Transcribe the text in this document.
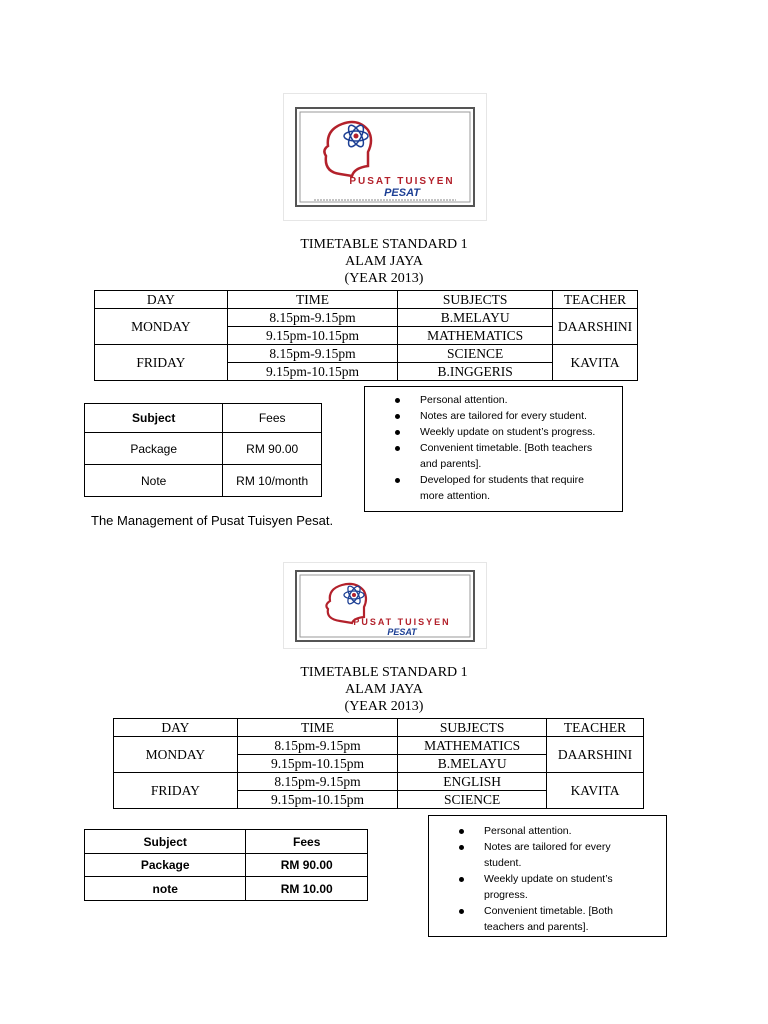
PUSAT TUISYEN
PESAT
TIMETABLE STANDARD 1
ALAM JAYA
(YEAR 2013)
DAY	TIME	SUBJECTS	TEACHER
MONDAY	8.15pm-9.15pm	B.MELAYU	DAARSHINI
	9.15pm-10.15pm	MATHEMATICS	
FRIDAY	8.15pm-9.15pm	SCIENCE	KAVITA
	9.15pm-10.15pm	B.INGGERIS	
Subject	Fees
Package	RM 90.00
Note	RM 10/month
Personal attention.
Notes are tailored for every student.
Weekly update on student’s progress.
Convenient timetable. [Both teachers
and parents].
Developed for students that require
more attention.
The Management of Pusat Tuisyen Pesat.
PUSAT TUISYEN
PESAT
TIMETABLE STANDARD 1
ALAM JAYA
(YEAR 2013)
DAY	TIME	SUBJECTS	TEACHER
MONDAY	8.15pm-9.15pm	MATHEMATICS	DAARSHINI
	9.15pm-10.15pm	B.MELAYU	
FRIDAY	8.15pm-9.15pm	ENGLISH	KAVITA
	9.15pm-10.15pm	SCIENCE	
Subject	Fees
Package	RM 90.00
note	RM 10.00
Personal attention.
Notes are tailored for every
student.
Weekly update on student’s
progress.
Convenient timetable. [Both
teachers and parents].
